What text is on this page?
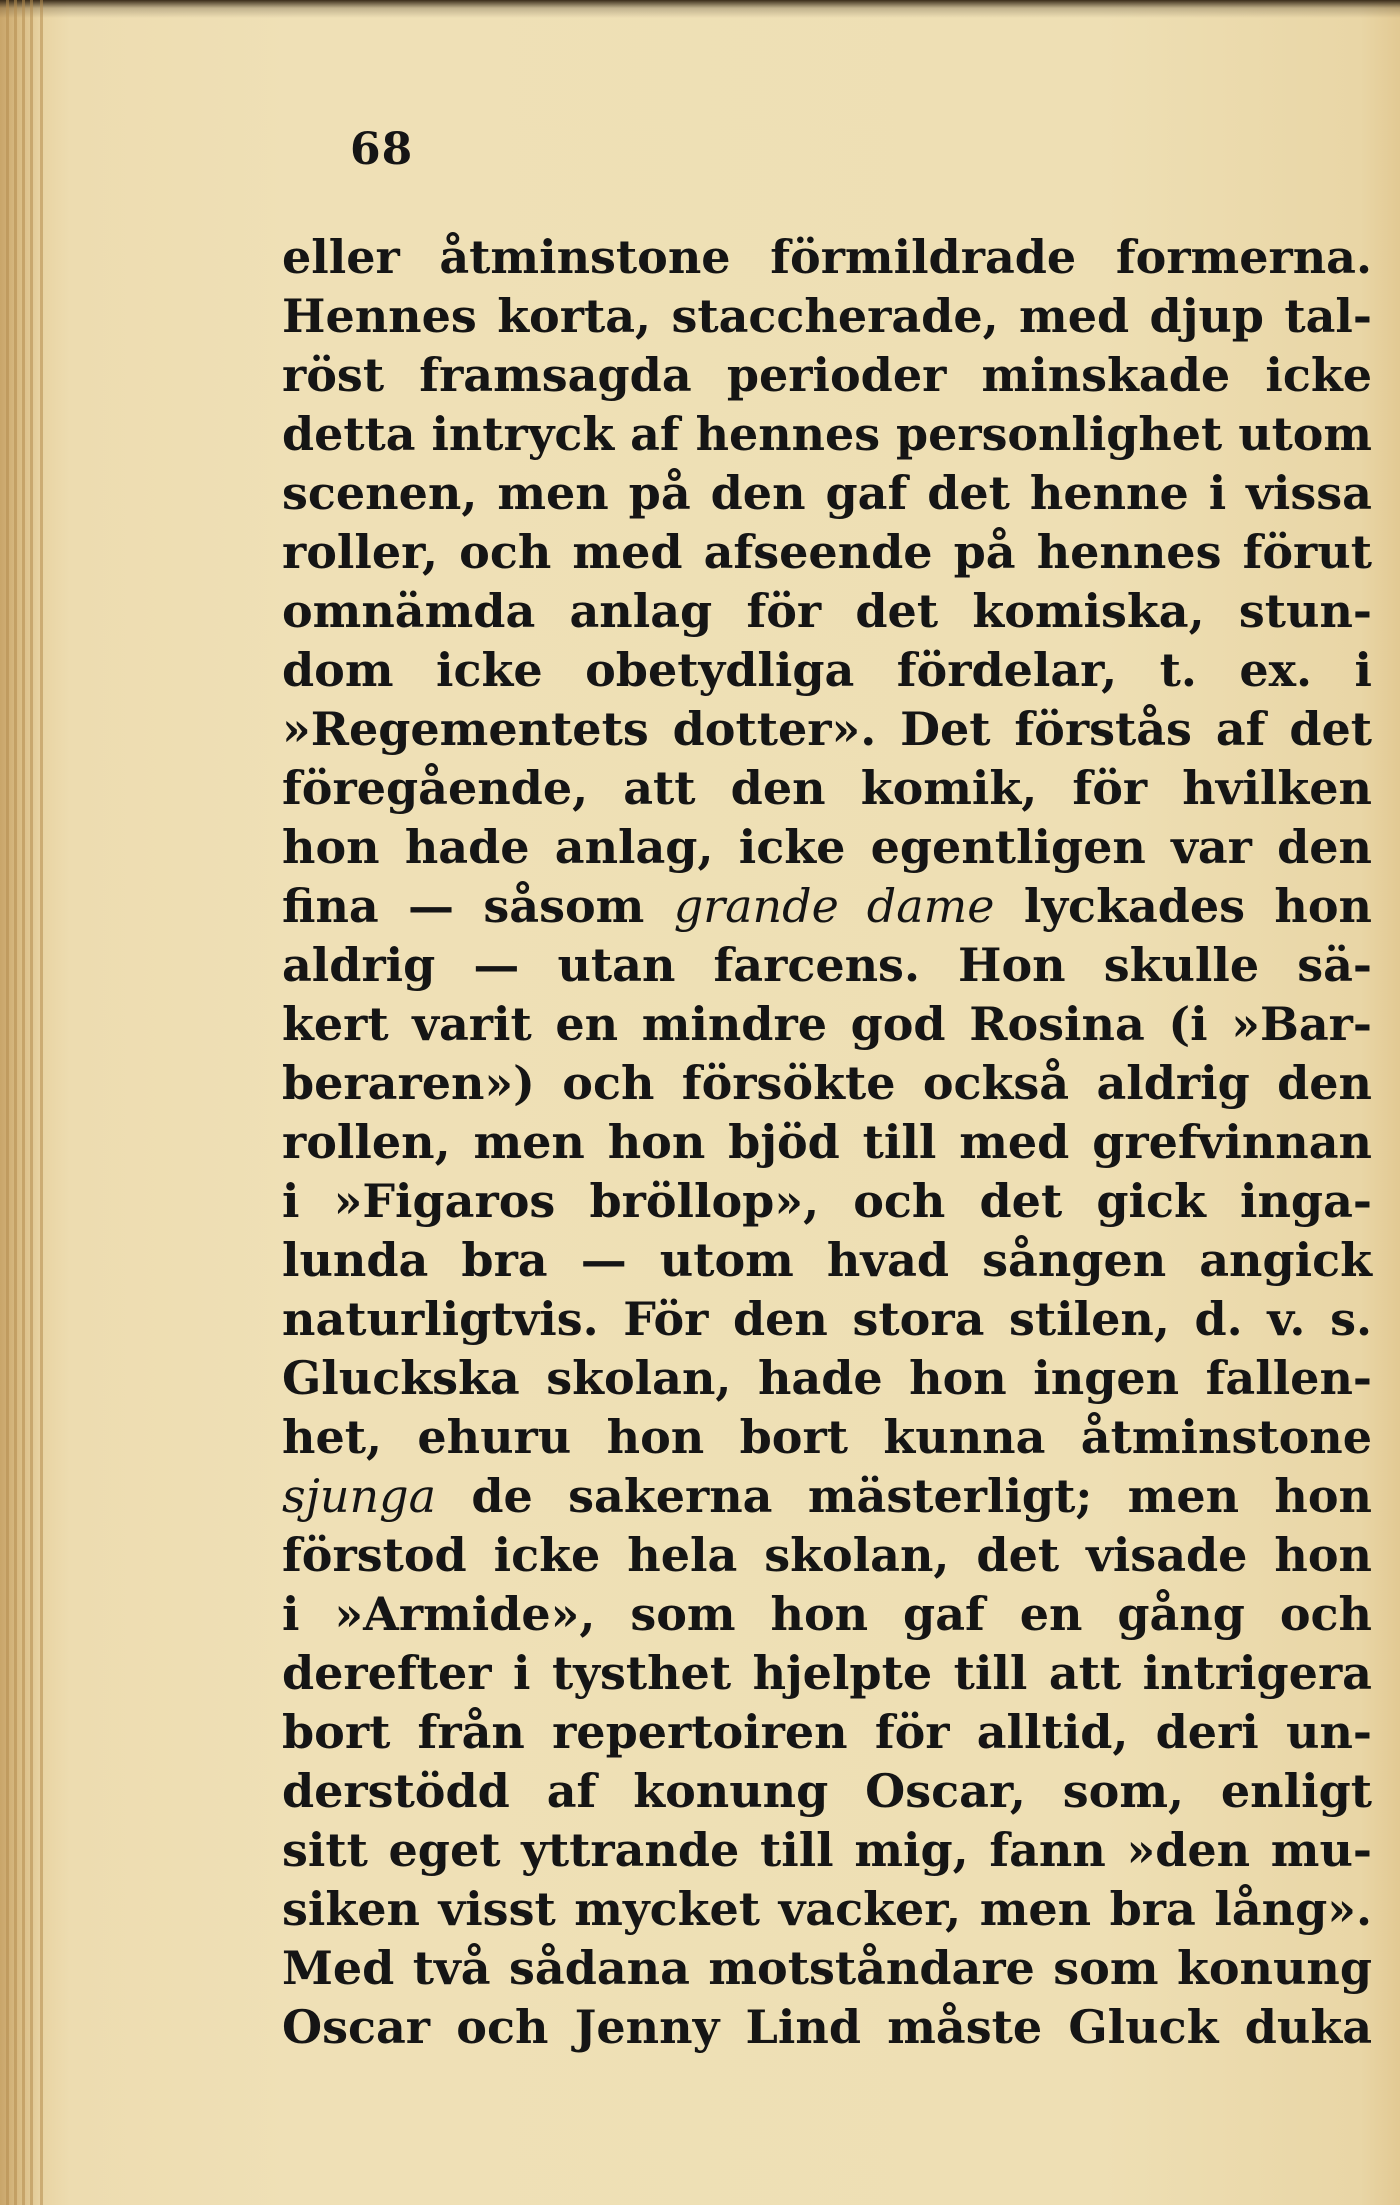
68
eller åtminstone förmildrade formerna.
Hennes korta, staccherade, med djup tal-
röst framsagda perioder minskade icke
detta intryck af hennes personlighet utom
scenen, men på den gaf det henne i vissa
roller, och med afseende på hennes förut
omnämda anlag för det komiska, stun-
dom icke obetydliga fördelar, t. ex. i
»Regementets dotter». Det förstås af det
föregående, att den komik, för hvilken
hon hade anlag, icke egentligen var den
fina — såsom grande dame lyckades hon
aldrig — utan farcens. Hon skulle sä-
kert varit en mindre god Rosina (i »Bar-
beraren») och försökte också aldrig den
rollen, men hon bjöd till med grefvinnan
i »Figaros bröllop», och det gick inga-
lunda bra — utom hvad sången angick
naturligtvis. För den stora stilen, d. v. s.
Gluckska skolan, hade hon ingen fallen-
het, ehuru hon bort kunna åtminstone
sjunga de sakerna mästerligt; men hon
förstod icke hela skolan, det visade hon
i »Armide», som hon gaf en gång och
derefter i tysthet hjelpte till att intrigera
bort från repertoiren för alltid, deri un-
derstödd af konung Oscar, som, enligt
sitt eget yttrande till mig, fann »den mu-
siken visst mycket vacker, men bra lång».
Med två sådana motståndare som konung
Oscar och Jenny Lind måste Gluck duka
